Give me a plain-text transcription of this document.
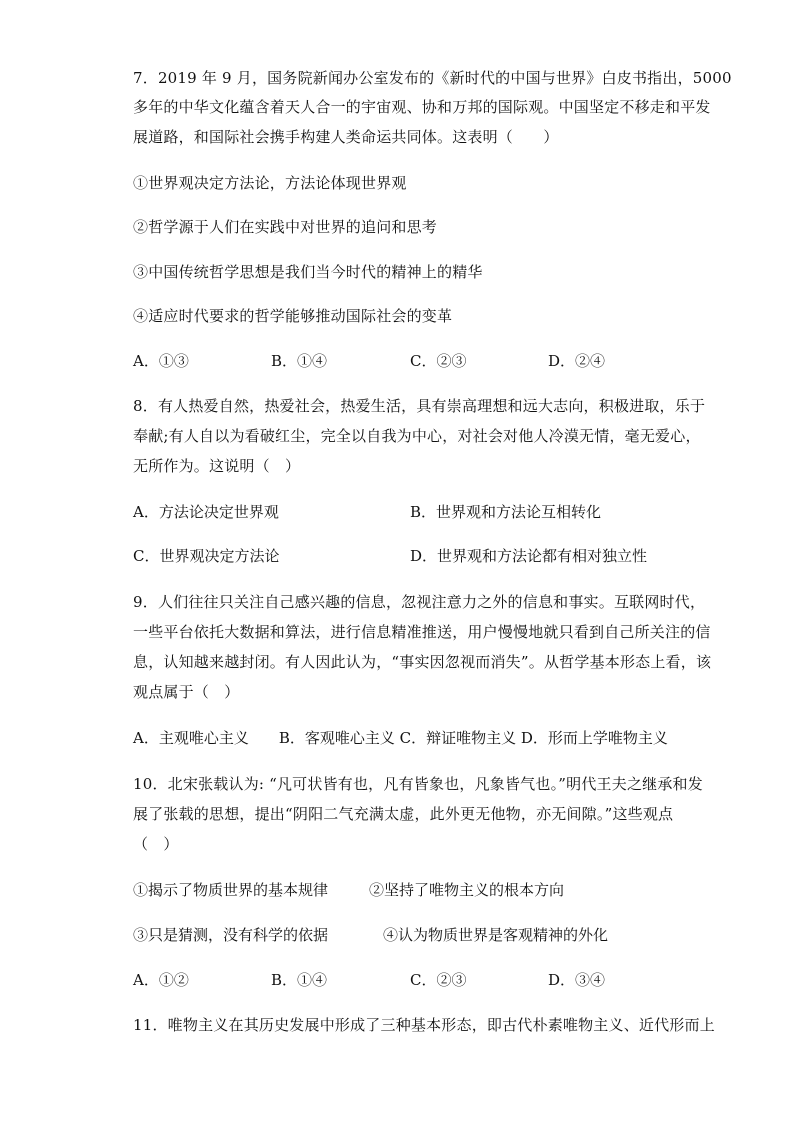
7．2019 年 9 月，国务院新闻办公室发布的《新时代的中国与世界》白皮书指出，5000
多年的中华文化蕴含着天人合一的宇宙观、协和万邦的国际观。中国坚定不移走和平发
展道路，和国际社会携手构建人类命运共同体。这表明（　　）
①世界观决定方法论，方法论体现世界观
②哲学源于人们在实践中对世界的追问和思考
③中国传统哲学思想是我们当今时代的精神上的精华
④适应时代要求的哲学能够推动国际社会的变革
A．①③	B．①④	C．②③	D．②④
8．有人热爱自然，热爱社会，热爱生活，具有崇高理想和远大志向，积极进取，乐于
奉献;有人自以为看破红尘，完全以自我为中心，对社会对他人冷漠无情，毫无爱心，
无所作为。这说明（　）
A．方法论决定世界观	B．世界观和方法论互相转化
C．世界观决定方法论	D．世界观和方法论都有相对独立性
9．人们往往只关注自己感兴趣的信息，忽视注意力之外的信息和事实。互联网时代，
一些平台依托大数据和算法，进行信息精准推送，用户慢慢地就只看到自己所关注的信
息，认知越来越封闭。有人因此认为，“事实因忽视而消失”。从哲学基本形态上看，该
观点属于（　）
A．主观唯心主义　　B．客观唯心主义 C．辩证唯物主义 D．形而上学唯物主义
10．北宋张载认为: “凡可状皆有也，凡有皆象也，凡象皆气也。”明代王夫之继承和发
展了张载的思想，提出“阴阳二气充满太虚，此外更无他物，亦无间隙。”这些观点
（　）
①揭示了物质世界的基本规律	②坚持了唯物主义的根本方向
③只是猜测，没有科学的依据	④认为物质世界是客观精神的外化
A．①②	B．①④	C．②③	D．③④
11．唯物主义在其历史发展中形成了三种基本形态，即古代朴素唯物主义、近代形而上
